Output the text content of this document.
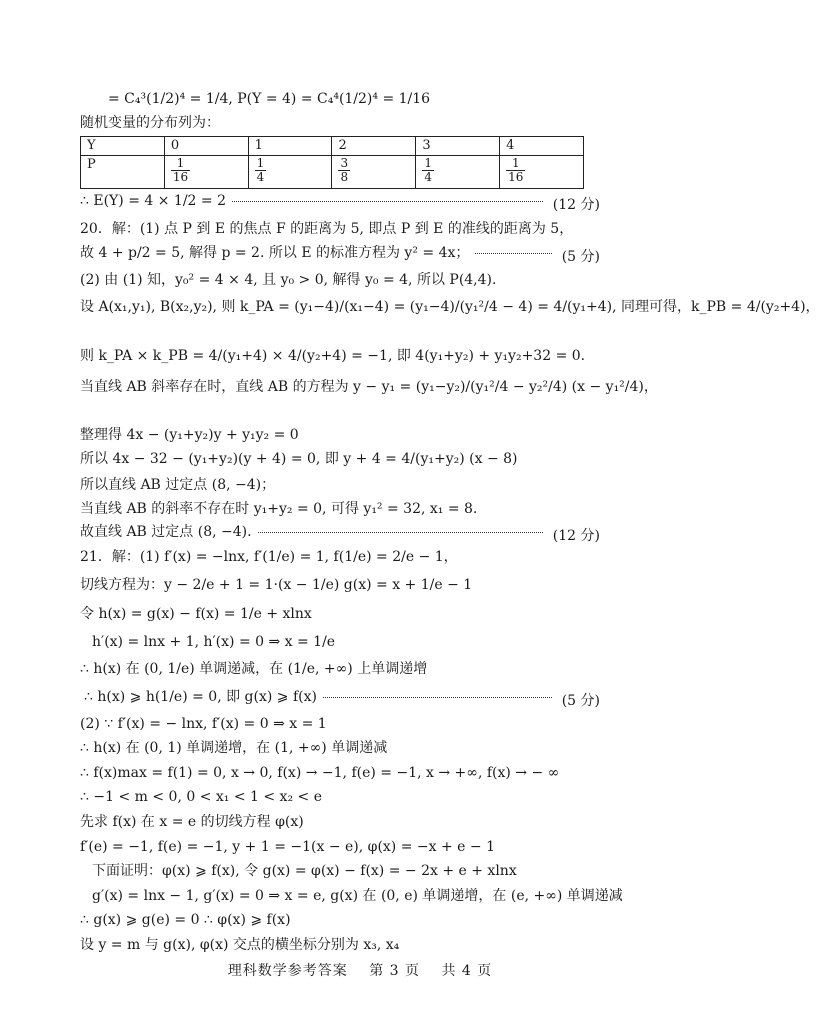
= C₄³(1/2)⁴ = 1/4, P(Y = 4) = C₄⁴(1/2)⁴ = 1/16
随机变量的分布列为：
Y	0	1	2	3	4
P	$\frac{1}{16}$	$\frac{1}{4}$	$\frac{3}{8}$	$\frac{1}{4}$	$\frac{1}{16}$
∴ E(Y) = 4 × 1/2 = 2	(12 分)
20．解：(1) 点 P 到 E 的焦点 F 的距离为 5, 即点 P 到 E 的准线的距离为 5，
故 4 + p/2 = 5, 解得 p = 2. 所以 E 的标准方程为 y² = 4x；	(5 分)
(2) 由 (1) 知，y₀² = 4 × 4, 且 y₀ > 0, 解得 y₀ = 4, 所以 P(4,4).
设 A(x₁,y₁), B(x₂,y₂), 则 k_PA = (y₁−4)/(x₁−4) = (y₁−4)/(y₁²/4 − 4) = 4/(y₁+4), 同理可得，k_PB = 4/(y₂+4)，
则 k_PA × k_PB = 4/(y₁+4) × 4/(y₂+4) = −1, 即 4(y₁+y₂) + y₁y₂+32 = 0.
当直线 AB 斜率存在时，直线 AB 的方程为 y − y₁ = (y₁−y₂)/(y₁²/4 − y₂²/4) (x − y₁²/4)，
整理得 4x − (y₁+y₂)y + y₁y₂ = 0
所以 4x − 32 − (y₁+y₂)(y + 4) = 0, 即 y + 4 = 4/(y₁+y₂) (x − 8)
所以直线 AB 过定点 (8, −4)；
当直线 AB 的斜率不存在时 y₁+y₂ = 0, 可得 y₁² = 32, x₁ = 8.
故直线 AB 过定点 (8, −4).	(12 分)
21．解：(1) f′(x) = −lnx, f′(1/e) = 1, f(1/e) = 2/e − 1，
切线方程为：y − 2/e + 1 = 1·(x − 1/e) g(x) = x + 1/e − 1
令 h(x) = g(x) − f(x) = 1/e + xlnx
h′(x) = lnx + 1, h′(x) = 0 ⇒ x = 1/e
∴ h(x) 在 (0, 1/e) 单调递减，在 (1/e, +∞) 上单调递增
∴ h(x) ⩾ h(1/e) = 0, 即 g(x) ⩾ f(x)	(5 分)
(2) ∵ f′(x) = − lnx, f′(x) = 0 ⇒ x = 1
∴ h(x) 在 (0, 1) 单调递增，在 (1, +∞) 单调递减
∴ f(x)max = f(1) = 0, x → 0, f(x) → −1, f(e) = −1, x → +∞, f(x) → − ∞
∴ −1 < m < 0, 0 < x₁ < 1 < x₂ < e
先求 f(x) 在 x = e 的切线方程 φ(x)
f′(e) = −1, f(e) = −1, y + 1 = −1(x − e), φ(x) = −x + e − 1
下面证明：φ(x) ⩾ f(x), 令 g(x) = φ(x) − f(x) = − 2x + e + xlnx
g′(x) = lnx − 1, g′(x) = 0 ⇒ x = e, g(x) 在 (0, e) 单调递增，在 (e, +∞) 单调递减
∴ g(x) ⩾ g(e) = 0 ∴ φ(x) ⩾ f(x)
设 y = m 与 g(x), φ(x) 交点的横坐标分别为 x₃, x₄
理科数学参考答案 第 3 页 共 4 页
